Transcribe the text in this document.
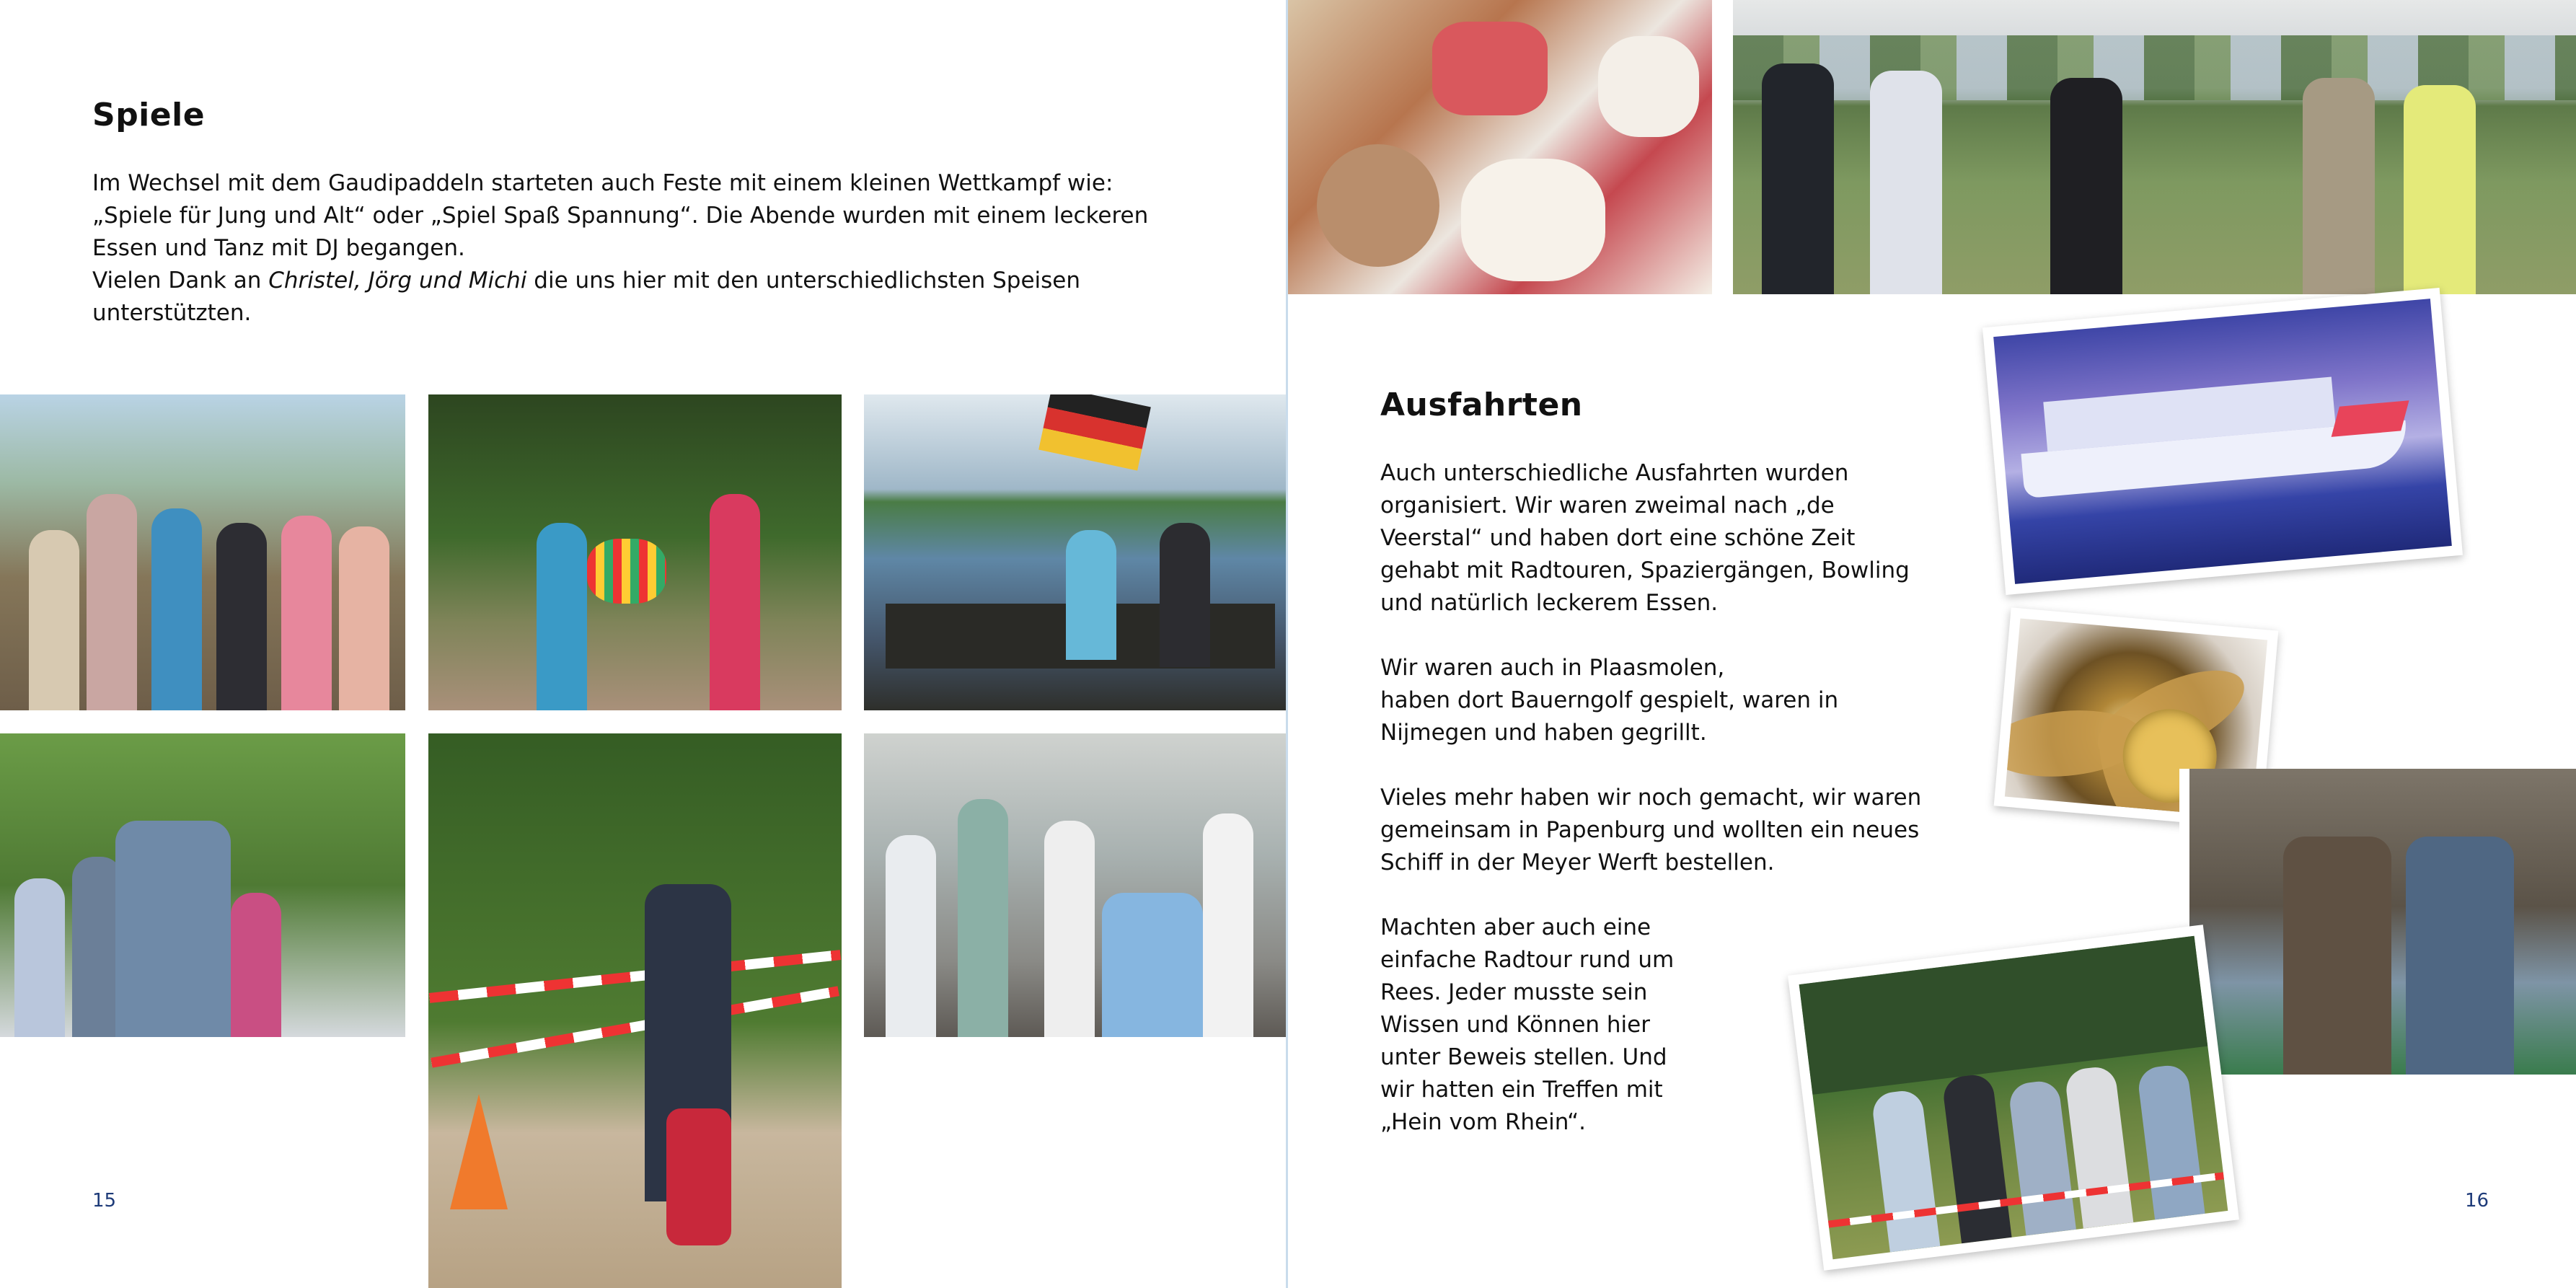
Spiele
Im Wechsel mit dem Gaudipaddeln starteten auch Feste mit einem kleinen Wettkampf wie:
„Spiele für Jung und Alt“ oder „Spiel Spaß Spannung“. Die Abende wurden mit einem leckeren
Essen und Tanz mit DJ begangen.
Vielen Dank an Christel, Jörg und Michi die uns hier mit den unterschiedlichsten Speisen
unterstützten.
15
Ausfahrten

Auch unterschiedliche Ausfahrten wurden
organisiert. Wir waren zweimal nach „de
Veerstal“ und haben dort eine schöne Zeit
gehabt mit Radtouren, Spaziergängen, Bowling
und natürlich leckerem Essen.

Wir waren auch in Plaasmolen,
haben dort Bauerngolf gespielt, waren in
Nijmegen und haben gegrillt.

Vieles mehr haben wir noch gemacht, wir waren
gemeinsam in Papenburg und wollten ein neues
Schiff in der Meyer Werft bestellen.

Machten aber auch eine
einfache Radtour rund um
Rees. Jeder musste sein
Wissen und Können hier
unter Beweis stellen. Und
wir hatten ein Treffen mit
„Hein vom Rhein“.
16
